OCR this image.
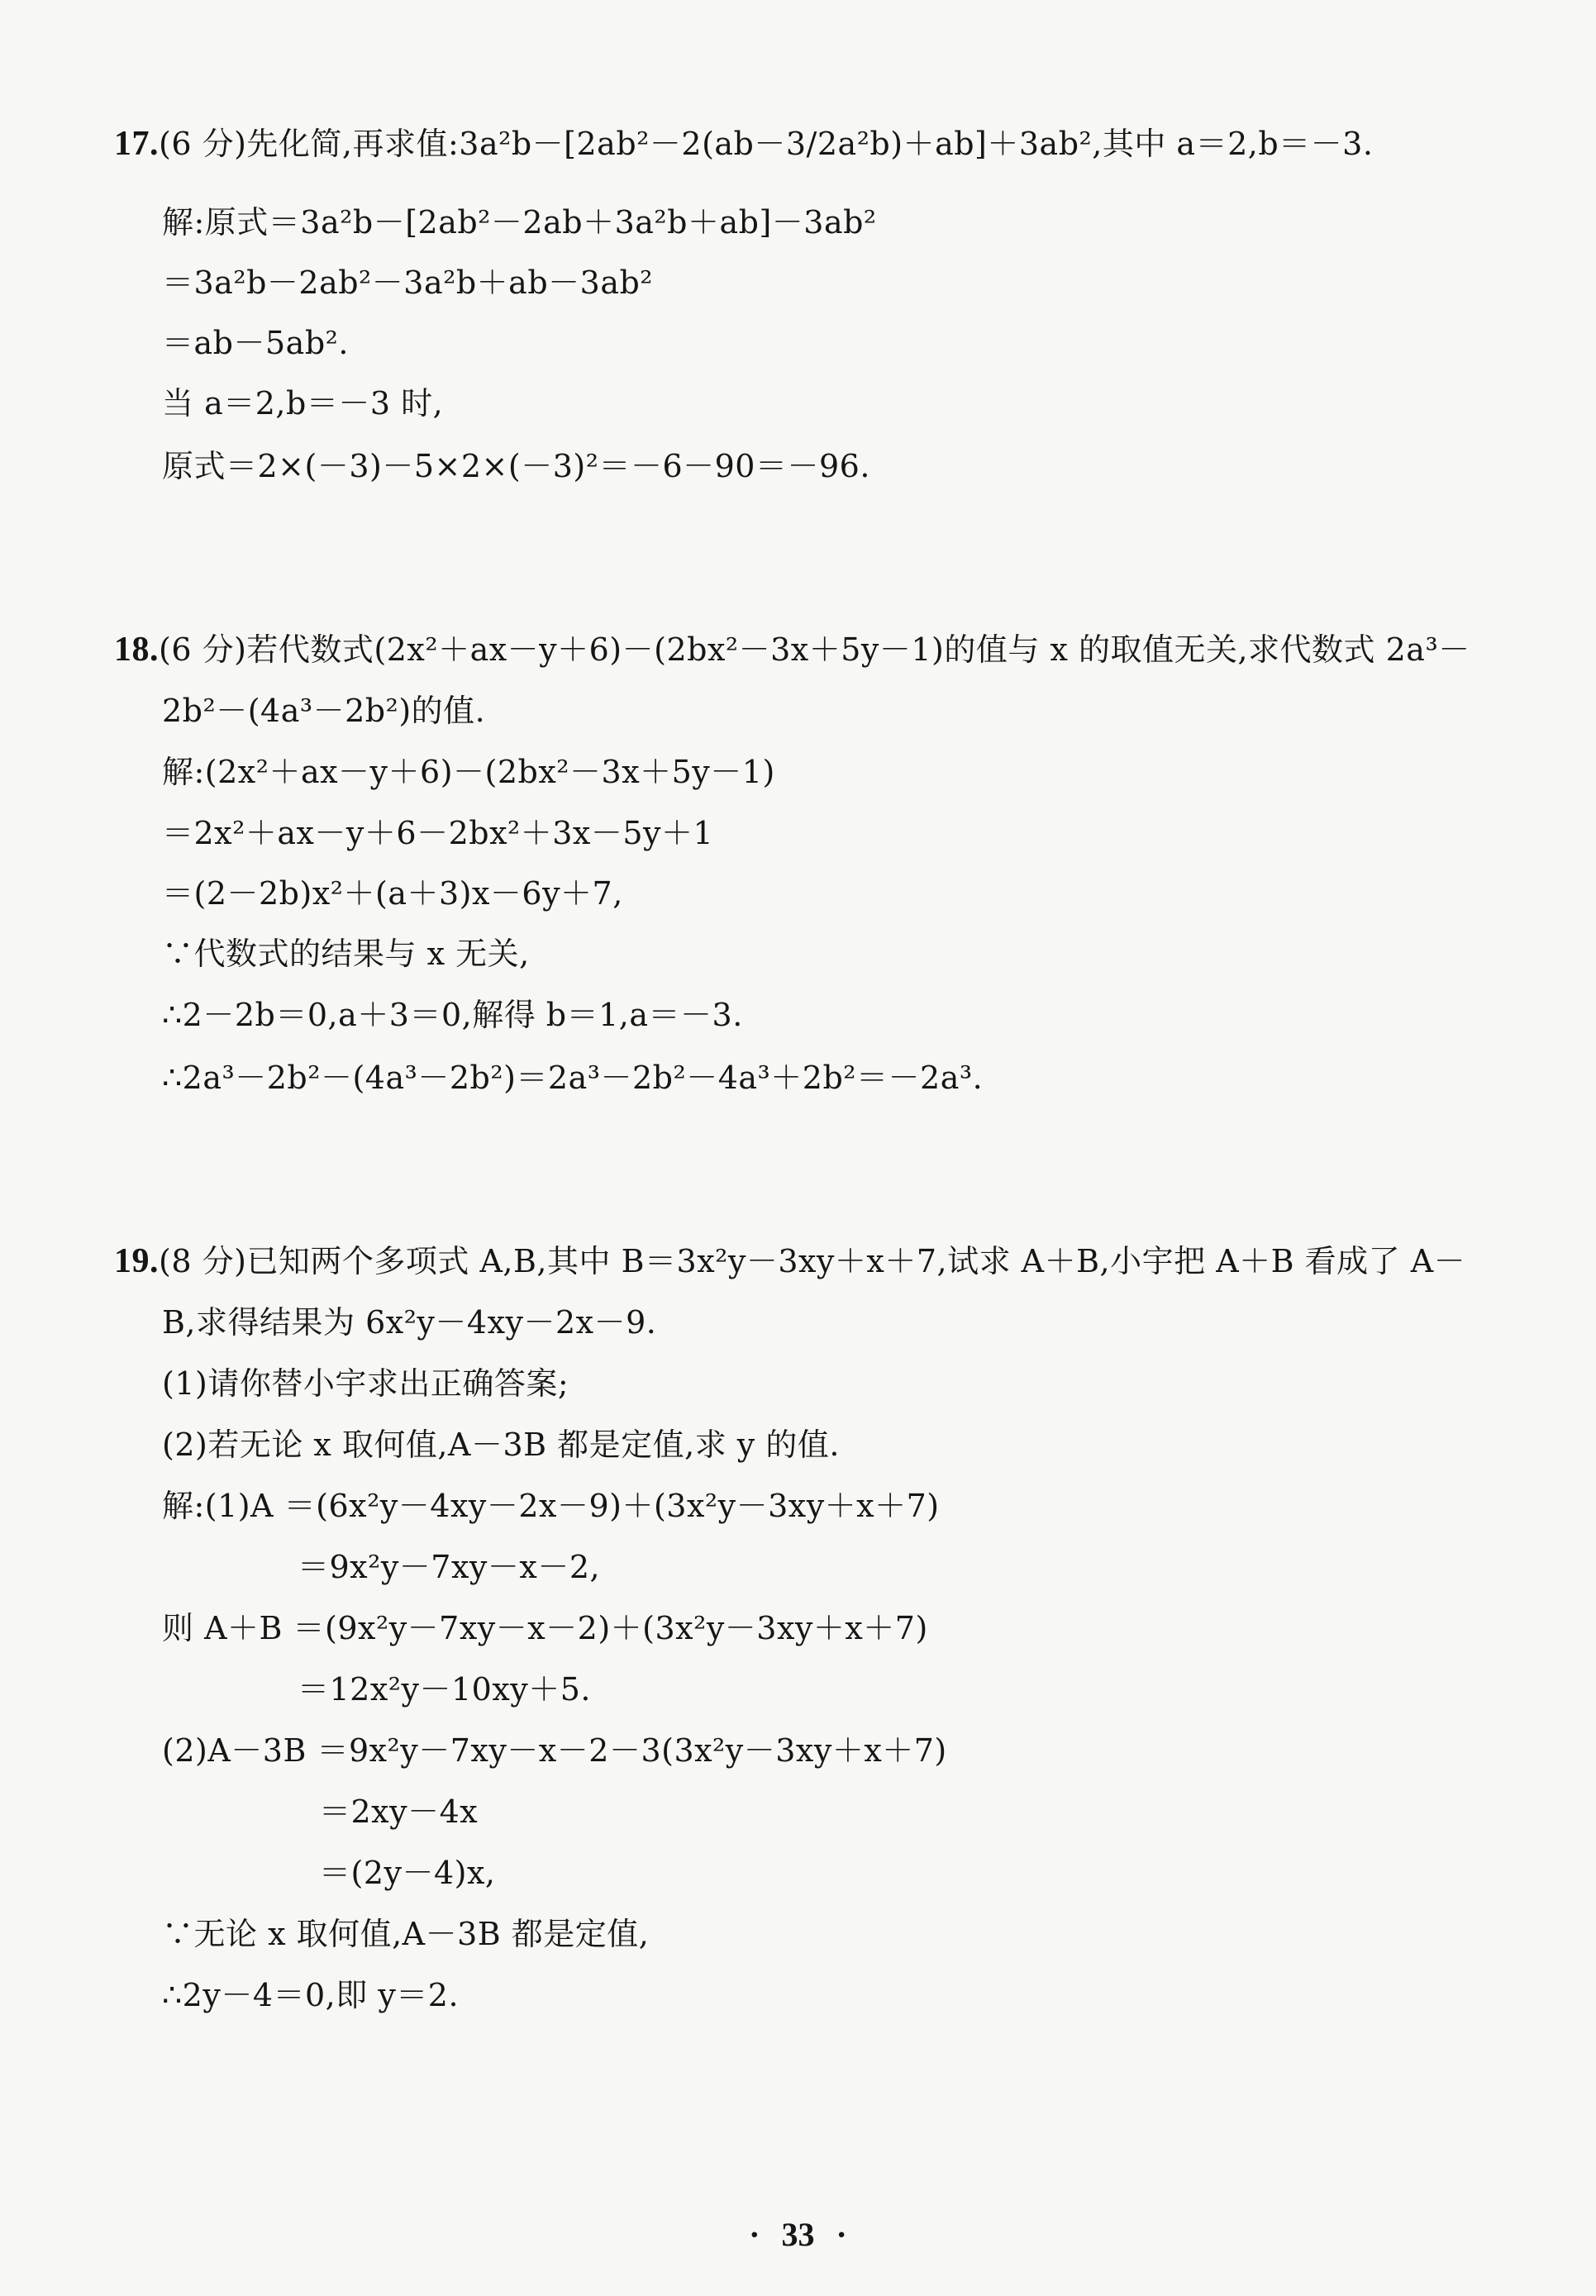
17.(6 分)先化简,再求值:3a²b－[2ab²－2(ab－3/2a²b)＋ab]＋3ab²,其中 a＝2,b＝－3.
解:原式＝3a²b－[2ab²－2ab＋3a²b＋ab]－3ab²
＝3a²b－2ab²－3a²b＋ab－3ab²
＝ab－5ab².
当 a＝2,b＝－3 时,
原式＝2×(－3)－5×2×(－3)²＝－6－90＝－96.
18.(6 分)若代数式(2x²＋ax－y＋6)－(2bx²－3x＋5y－1)的值与 x 的取值无关,求代数式 2a³－
2b²－(4a³－2b²)的值.
解:(2x²＋ax－y＋6)－(2bx²－3x＋5y－1)
＝2x²＋ax－y＋6－2bx²＋3x－5y＋1
＝(2－2b)x²＋(a＋3)x－6y＋7,
∵代数式的结果与 x 无关,
∴2－2b＝0,a＋3＝0,解得 b＝1,a＝－3.
∴2a³－2b²－(4a³－2b²)＝2a³－2b²－4a³＋2b²＝－2a³.
19.(8 分)已知两个多项式 A,B,其中 B＝3x²y－3xy＋x＋7,试求 A＋B,小宇把 A＋B 看成了 A－
B,求得结果为 6x²y－4xy－2x－9.
(1)请你替小宇求出正确答案;
(2)若无论 x 取何值,A－3B 都是定值,求 y 的值.
解:(1)A ＝(6x²y－4xy－2x－9)＋(3x²y－3xy＋x＋7)
＝9x²y－7xy－x－2,
则 A＋B ＝(9x²y－7xy－x－2)＋(3x²y－3xy＋x＋7)
＝12x²y－10xy＋5.
(2)A－3B ＝9x²y－7xy－x－2－3(3x²y－3xy＋x＋7)
＝2xy－4x
＝(2y－4)x,
∵无论 x 取何值,A－3B 都是定值,
∴2y－4＝0,即 y＝2.
· 33 ·
